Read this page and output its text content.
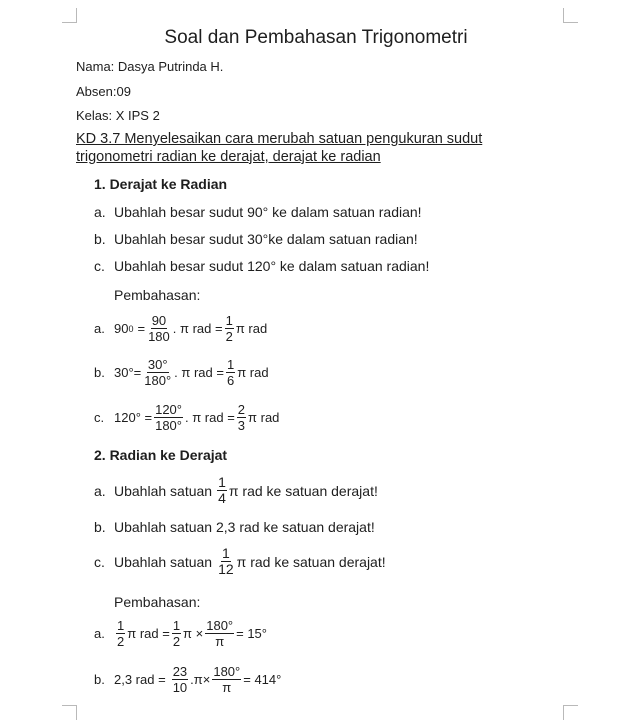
Soal dan Pembahasan Trigonometri
Nama: Dasya Putrinda H.
Absen:09
Kelas: X IPS 2
KD 3.7 Menyelesaikan cara merubah satuan pengukuran sudut
trigonometri radian ke derajat, derajat ke radian
1. Derajat ke Radian
a. Ubahlah besar sudut 90° ke dalam satuan radian!
b. Ubahlah besar sudut 30°ke dalam satuan radian!
c. Ubahlah besar sudut 120° ke dalam satuan radian!
Pembahasan:
a. 90 $0 = \frac{90}{180}$ . π rad = $\frac{1}{2}$ π rad
b. $30^\circ= \frac{30^\circ}{180^\circ}$ . π rad = $\frac{1}{6}$ π rad
c. $120^\circ = \frac{120^\circ}{180^\circ}$ . π rad = $\frac{2}{3}$ π rad
2. Radian ke Derajat
a. Ubahlah satuan $\frac{1}{4}$ π rad ke satuan derajat!
b. Ubahlah satuan 2,3 rad ke satuan derajat!
c. Ubahlah satuan $\frac{1}{12}$ π rad ke satuan derajat!
Pembahasan:
a. $\frac{1}{2}$ π rad = $\frac{1}{2}$ $\pi \times \frac{180^\circ}{\pi} = 15^\circ$
b. 2,3 rad = $\frac{23}{10} .\pi\times \frac{180^\circ}{\pi} = 414^\circ$
